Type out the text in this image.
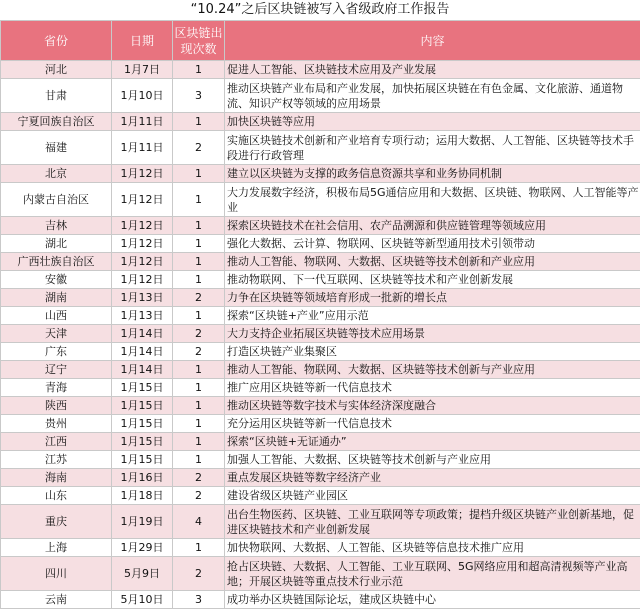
“10.24”之后区块链被写入省级政府工作报告
省份	日期	区块链出现次数	内容
河北	1月7日	1	促进人工智能、区块链技术应用及产业发展
甘肃	1月10日	3	推动区块链产业布局和产业发展，加快拓展区块链在有色金属、文化旅游、通道物流、知识产权等领域的应用场景
宁夏回族自治区	1月11日	1	加快区块链等应用
福建	1月11日	2	实施区块链技术创新和产业培育专项行动；运用大数据、人工智能、区块链等技术手段进行行政管理
北京	1月12日	1	建立以区块链为支撑的政务信息资源共享和业务协同机制
内蒙古自治区	1月12日	1	大力发展数字经济，积极布局5G通信应用和大数据、区块链、物联网、人工智能等产业
吉林	1月12日	1	探索区块链技术在社会信用、农产品溯源和供应链管理等领域应用
湖北	1月12日	1	强化大数据、云计算、物联网、区块链等新型通用技术引领带动
广西壮族自治区	1月12日	1	推动人工智能、物联网、大数据、区块链等技术创新和产业应用
安徽	1月12日	1	推动物联网、下一代互联网、区块链等技术和产业创新发展
湖南	1月13日	2	力争在区块链等领域培育形成一批新的增长点
山西	1月13日	1	探索“区块链+产业”应用示范
天津	1月14日	2	大力支持企业拓展区块链等技术应用场景
广东	1月14日	2	打造区块链产业集聚区
辽宁	1月14日	1	推动人工智能、物联网、大数据、区块链等技术创新与产业应用
青海	1月15日	1	推广应用区块链等新一代信息技术
陕西	1月15日	1	推动区块链等数字技术与实体经济深度融合
贵州	1月15日	1	充分运用区块链等新一代信息技术
江西	1月15日	1	探索“区块链+无证通办”
江苏	1月15日	1	加强人工智能、大数据、区块链等技术创新与产业应用
海南	1月16日	2	重点发展区块链等数字经济产业
山东	1月18日	2	建设省级区块链产业园区
重庆	1月19日	4	出台生物医药、区块链、工业互联网等专项政策；提档升级区块链产业创新基地，促进区块链技术和产业创新发展
上海	1月29日	1	加快物联网、大数据、人工智能、区块链等信息技术推广应用
四川	5月9日	2	抢占区块链、大数据、人工智能、工业互联网、5G网络应用和超高清视频等产业高地；开展区块链等重点技术行业示范
云南	5月10日	3	成功举办区块链国际论坛，建成区块链中心
